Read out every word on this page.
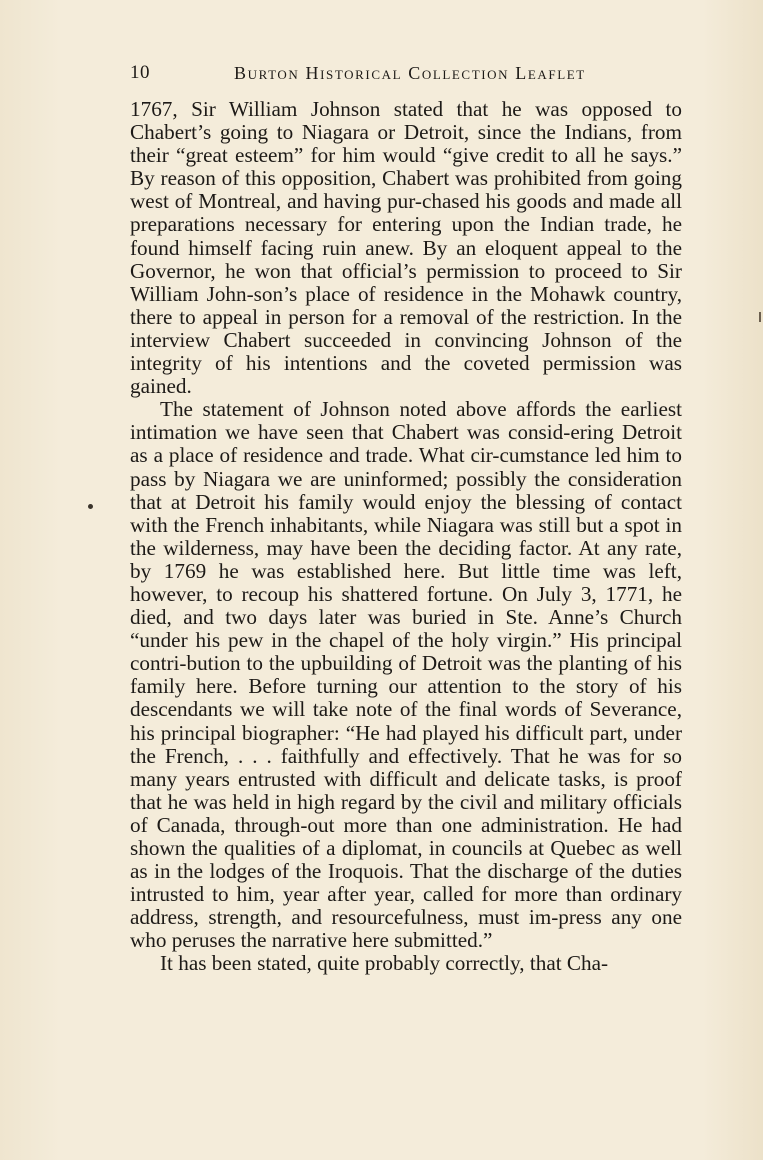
10	Burton Historical Collection Leaflet

1767, Sir William Johnson stated that he was opposed to Chabert’s going to Niagara or Detroit, since the Indians, from their “great esteem” for him would “give credit to all he says.” By reason of this opposition, Chabert was prohibited from going west of Montreal, and having pur-chased his goods and made all preparations necessary for entering upon the Indian trade, he found himself facing ruin anew. By an eloquent appeal to the Governor, he won that official’s permission to proceed to Sir William John-son’s place of residence in the Mohawk country, there to appeal in person for a removal of the restriction. In the interview Chabert succeeded in convincing Johnson of the integrity of his intentions and the coveted permission was gained.

The statement of Johnson noted above affords the earliest intimation we have seen that Chabert was consid-ering Detroit as a place of residence and trade. What cir-cumstance led him to pass by Niagara we are uninformed; possibly the consideration that at Detroit his family would enjoy the blessing of contact with the French inhabitants, while Niagara was still but a spot in the wilderness, may have been the deciding factor. At any rate, by 1769 he was established here. But little time was left, however, to recoup his shattered fortune. On July 3, 1771, he died, and two days later was buried in Ste. Anne’s Church “under his pew in the chapel of the holy virgin.” His principal contri-bution to the upbuilding of Detroit was the planting of his family here. Before turning our attention to the story of his descendants we will take note of the final words of Severance, his principal biographer: “He had played his difficult part, under the French, . . . faithfully and effectively. That he was for so many years entrusted with difficult and delicate tasks, is proof that he was held in high regard by the civil and military officials of Canada, through-out more than one administration. He had shown the qualities of a diplomat, in councils at Quebec as well as in the lodges of the Iroquois. That the discharge of the duties intrusted to him, year after year, called for more than ordinary address, strength, and resourcefulness, must im-press any one who peruses the narrative here submitted.”

It has been stated, quite probably correctly, that Cha-
